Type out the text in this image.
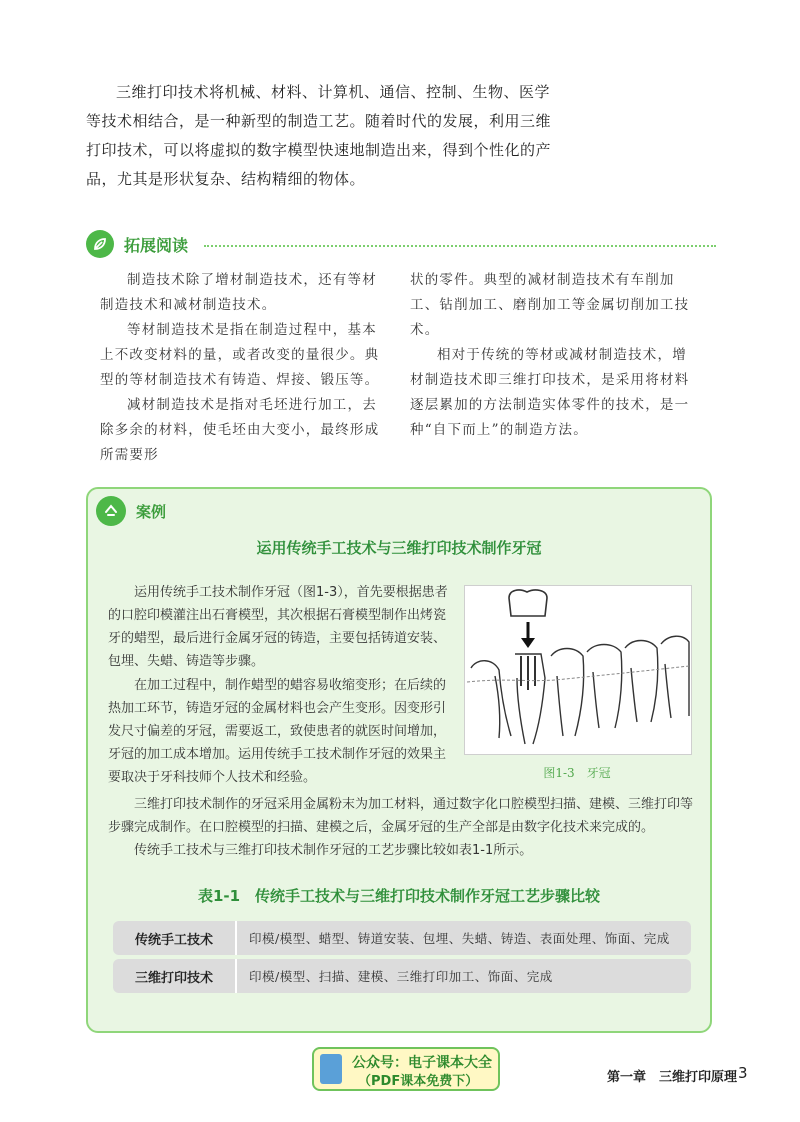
三维打印技术将机械、材料、计算机、通信、控制、生物、医学等技术相结合，是一种新型的制造工艺。随着时代的发展，利用三维打印技术，可以将虚拟的数字模型快速地制造出来，得到个性化的产品，尤其是形状复杂、结构精细的物体。

拓展阅读

制造技术除了增材制造技术，还有等材制造技术和减材制造技术。

等材制造技术是指在制造过程中，基本上不改变材料的量，或者改变的量很少。典型的等材制造技术有铸造、焊接、锻压等。

减材制造技术是指对毛坯进行加工，去除多余的材料，使毛坯由大变小，最终形成所需要形

状的零件。典型的减材制造技术有车削加工、钻削加工、磨削加工等金属切削加工技术。

相对于传统的等材或减材制造技术，增材制造技术即三维打印技术，是采用将材料逐层累加的方法制造实体零件的技术，是一种“自下而上”的制造方法。

案例
运用传统手工技术与三维打印技术制作牙冠

运用传统手工技术制作牙冠（图1-3），首先要根据患者的口腔印模灌注出石膏模型，其次根据石膏模型制作出烤瓷牙的蜡型，最后进行金属牙冠的铸造，主要包括铸道安装、包埋、失蜡、铸造等步骤。

在加工过程中，制作蜡型的蜡容易收缩变形；在后续的热加工环节，铸造牙冠的金属材料也会产生变形。因变形引发尺寸偏差的牙冠，需要返工，致使患者的就医时间增加，牙冠的加工成本增加。运用传统手工技术制作牙冠的效果主要取决于牙科技师个人技术和经验。

三维打印技术制作的牙冠采用金属粉末为加工材料，通过数字化口腔模型扫描、建模、三维打印等步骤完成制作。在口腔模型的扫描、建模之后，金属牙冠的生产全部是由数字化技术来完成的。

传统手工技术与三维打印技术制作牙冠的工艺步骤比较如表1-1所示。

图1-3　牙冠
表1-1　传统手工技术与三维打印技术制作牙冠工艺步骤比较
传统手工技术	印模/模型、蜡型、铸道安装、包埋、失蜡、铸造、表面处理、饰面、完成
三维打印技术	印模/模型、扫描、建模、三维打印加工、饰面、完成
公众号：电子课本大全
（PDF课本免费下）	第一章　三维打印原理 3
